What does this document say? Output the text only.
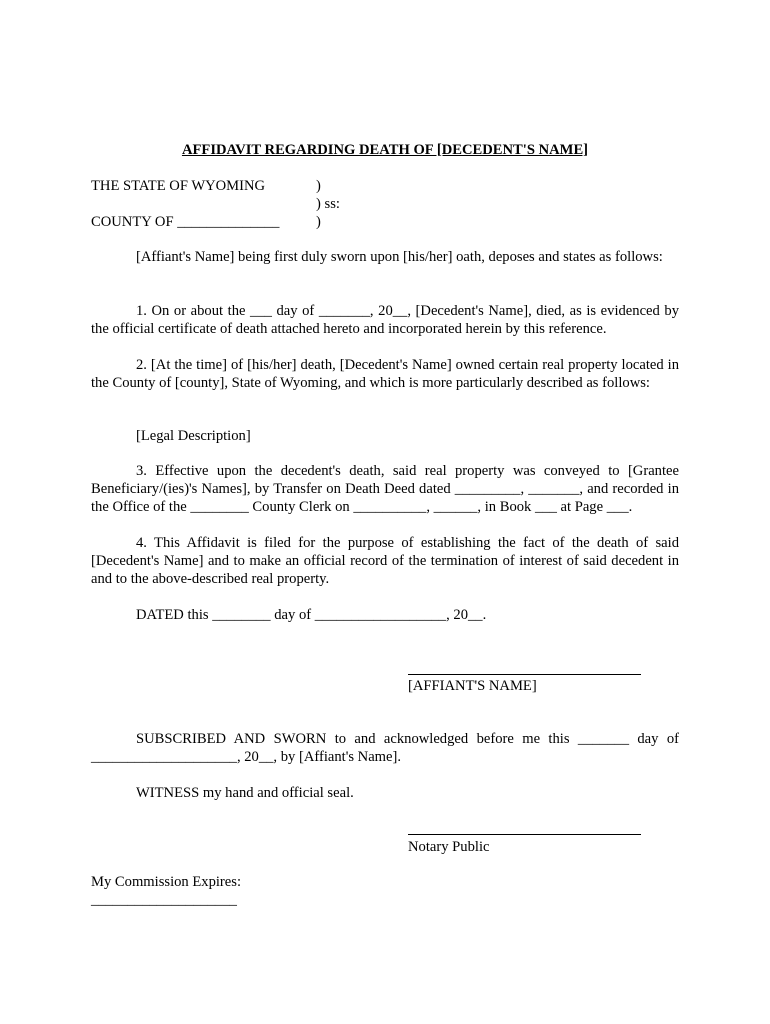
AFFIDAVIT REGARDING DEATH OF [DECEDENT'S NAME]

THE STATE OF WYOMING	)

) ss:

COUNTY OF ______________	)

[Affiant's Name] being first duly sworn upon [his/her] oath, deposes and states as follows:

1. On or about the ___ day of _______, 20__, [Decedent's Name], died, as is evidenced by the official certificate of death attached hereto and incorporated herein by this reference.

2. [At the time] of [his/her] death, [Decedent's Name] owned certain real property located in the County of [county], State of Wyoming, and which is more particularly described as follows:

[Legal Description]

3. Effective upon the decedent's death, said real property was conveyed to [Grantee Beneficiary/(ies)'s Names], by Transfer on Death Deed dated _________, _______, and recorded in the Office of the ________ County Clerk on __________, ______, in Book ___ at Page ___.

4. This Affidavit is filed for the purpose of establishing the fact of the death of said [Decedent's Name] and to make an official record of the termination of interest of said decedent in and to the above-described real property.

DATED this ________ day of __________________, 20__.

[AFFIANT'S NAME]

SUBSCRIBED AND SWORN to and acknowledged before me this _______ day of ____________________, 20__, by [Affiant's Name].

WITNESS my hand and official seal.

Notary Public

My Commission Expires:

____________________
